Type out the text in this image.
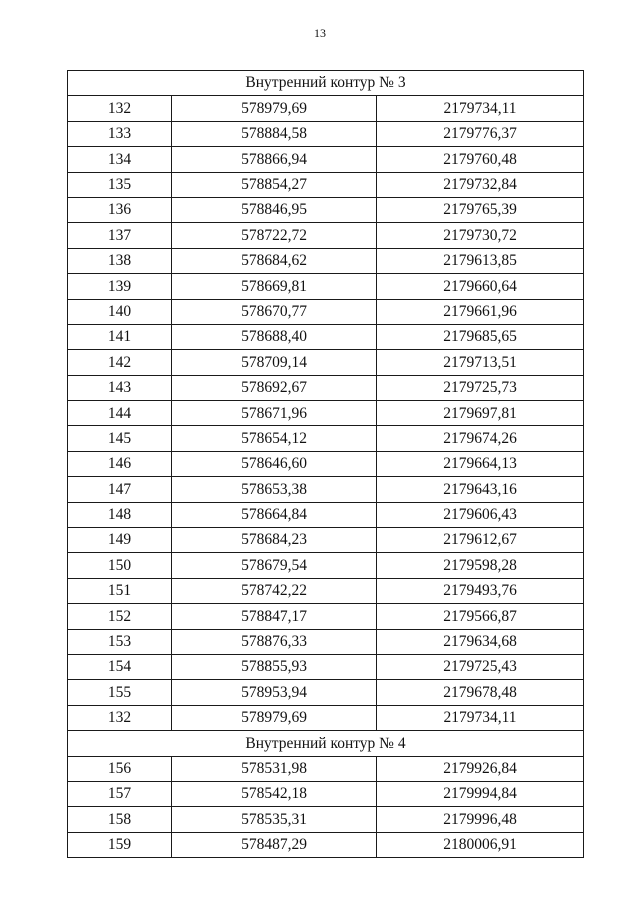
13
Внутренний контур № 3		
132	578979,69	2179734,11
133	578884,58	2179776,37
134	578866,94	2179760,48
135	578854,27	2179732,84
136	578846,95	2179765,39
137	578722,72	2179730,72
138	578684,62	2179613,85
139	578669,81	2179660,64
140	578670,77	2179661,96
141	578688,40	2179685,65
142	578709,14	2179713,51
143	578692,67	2179725,73
144	578671,96	2179697,81
145	578654,12	2179674,26
146	578646,60	2179664,13
147	578653,38	2179643,16
148	578664,84	2179606,43
149	578684,23	2179612,67
150	578679,54	2179598,28
151	578742,22	2179493,76
152	578847,17	2179566,87
153	578876,33	2179634,68
154	578855,93	2179725,43
155	578953,94	2179678,48
132	578979,69	2179734,11
Внутренний контур № 4		
156	578531,98	2179926,84
157	578542,18	2179994,84
158	578535,31	2179996,48
159	578487,29	2180006,91
